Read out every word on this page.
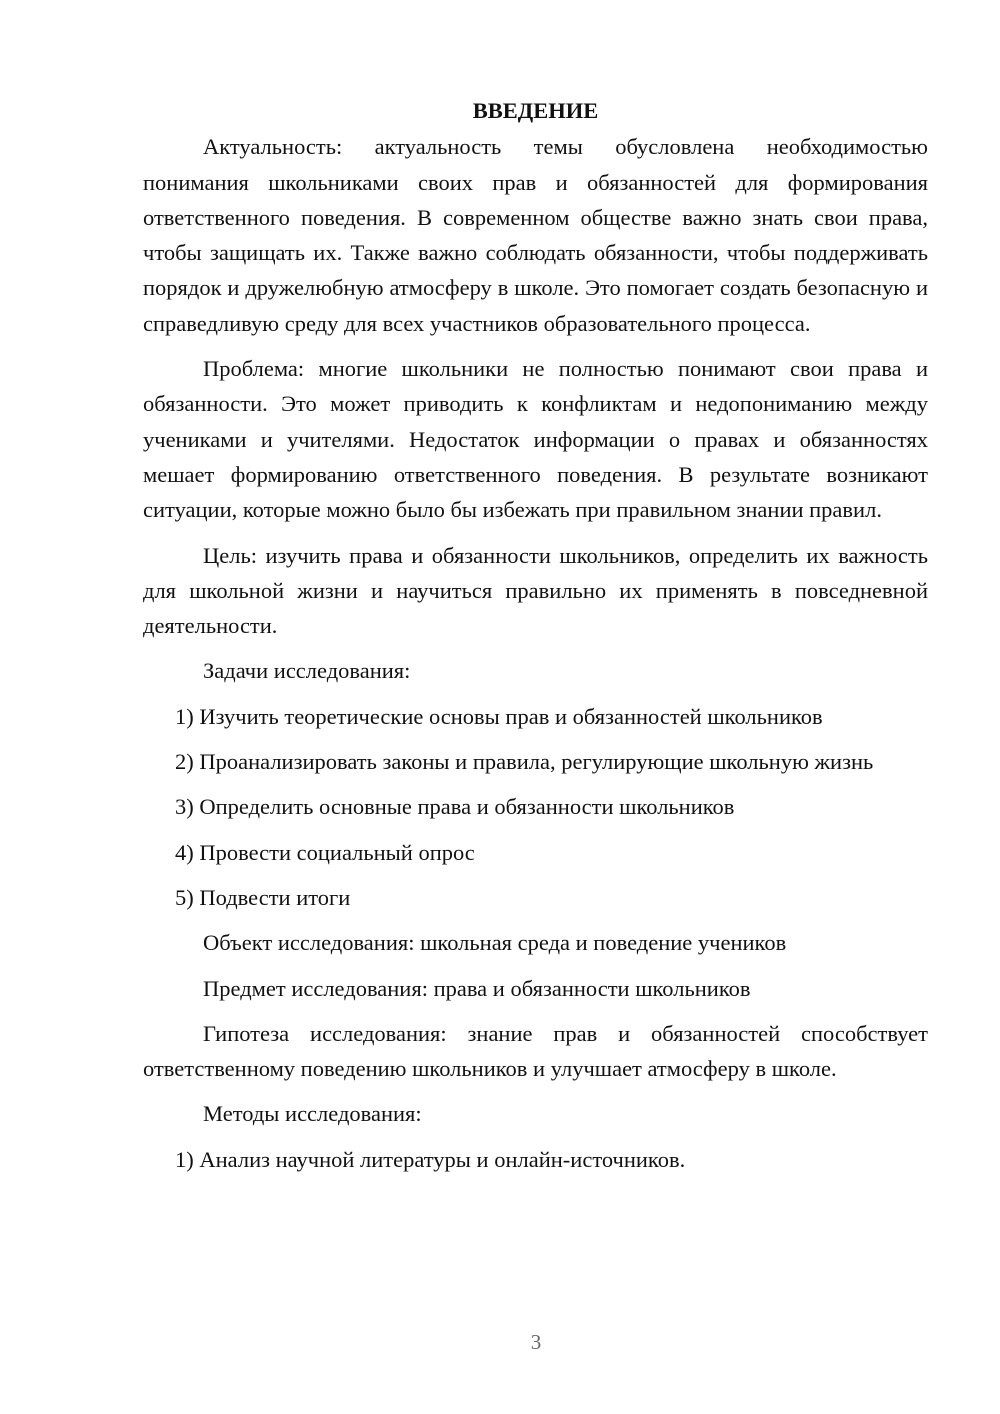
ВВЕДЕНИЕ

Актуальность: актуальность темы обусловлена необходимостью понимания школьниками своих прав и обязанностей для формирования ответственного поведения. В современном обществе важно знать свои права, чтобы защищать их. Также важно соблюдать обязанности, чтобы поддерживать порядок и дружелюбную атмосферу в школе. Это помогает создать безопасную и справедливую среду для всех участников образовательного процесса.

Проблема: многие школьники не полностью понимают свои права и обязанности. Это может приводить к конфликтам и недопониманию между учениками и учителями. Недостаток информации о правах и обязанностях мешает формированию ответственного поведения. В результате возникают ситуации, которые можно было бы избежать при правильном знании правил.

Цель: изучить права и обязанности школьников, определить их важность для школьной жизни и научиться правильно их применять в повседневной деятельности.

Задачи исследования:

1) Изучить теоретические основы прав и обязанностей школьников

2) Проанализировать законы и правила, регулирующие школьную жизнь

3) Определить основные права и обязанности школьников

4) Провести социальный опрос

5) Подвести итоги

Объект исследования: школьная среда и поведение учеников

Предмет исследования: права и обязанности школьников

Гипотеза исследования: знание прав и обязанностей способствует ответственному поведению школьников и улучшает атмосферу в школе.

Методы исследования:

1) Анализ научной литературы и онлайн-источников.

3
